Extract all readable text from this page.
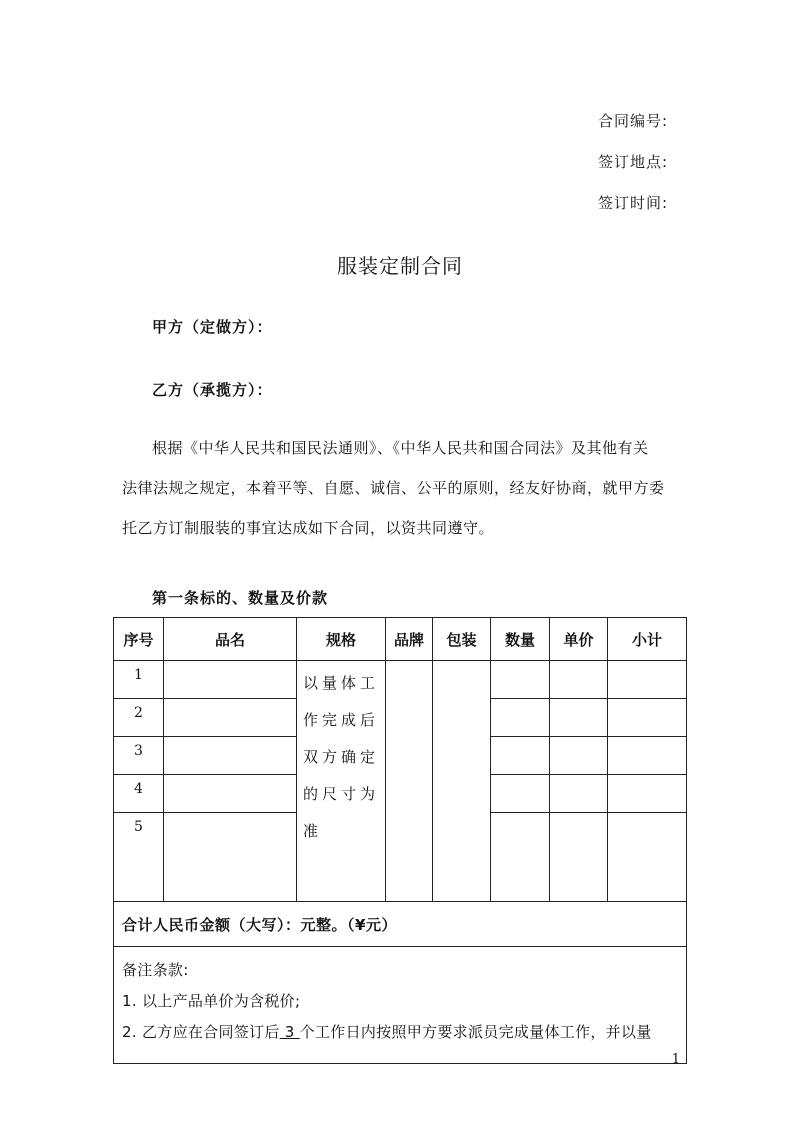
合同编号:
签订地点:
签订时间:
服装定制合同
甲方（定做方）：
乙方（承揽方）：

根据《中华人民共和国民法通则》、《中华人民共和国合同法》及其他有关

法律法规之规定，本着平等、自愿、诚信、公平的原则，经友好协商，就甲方委

托乙方订制服装的事宜达成如下合同，以资共同遵守。

第一条标的、数量及价款
序号	品名	规格	品牌	包装	数量	单价	小计
1		以量体工作完成后双方确定的尺寸为准					
2							
3							
4							
5							
合计人民币金额（大写）：元整。（¥元）							

备注条款:
1. 以上产品单价为含税价;
2. 乙方应在合同签订后 3 个工作日内按照甲方要求派员完成量体工作，并以量							
1
